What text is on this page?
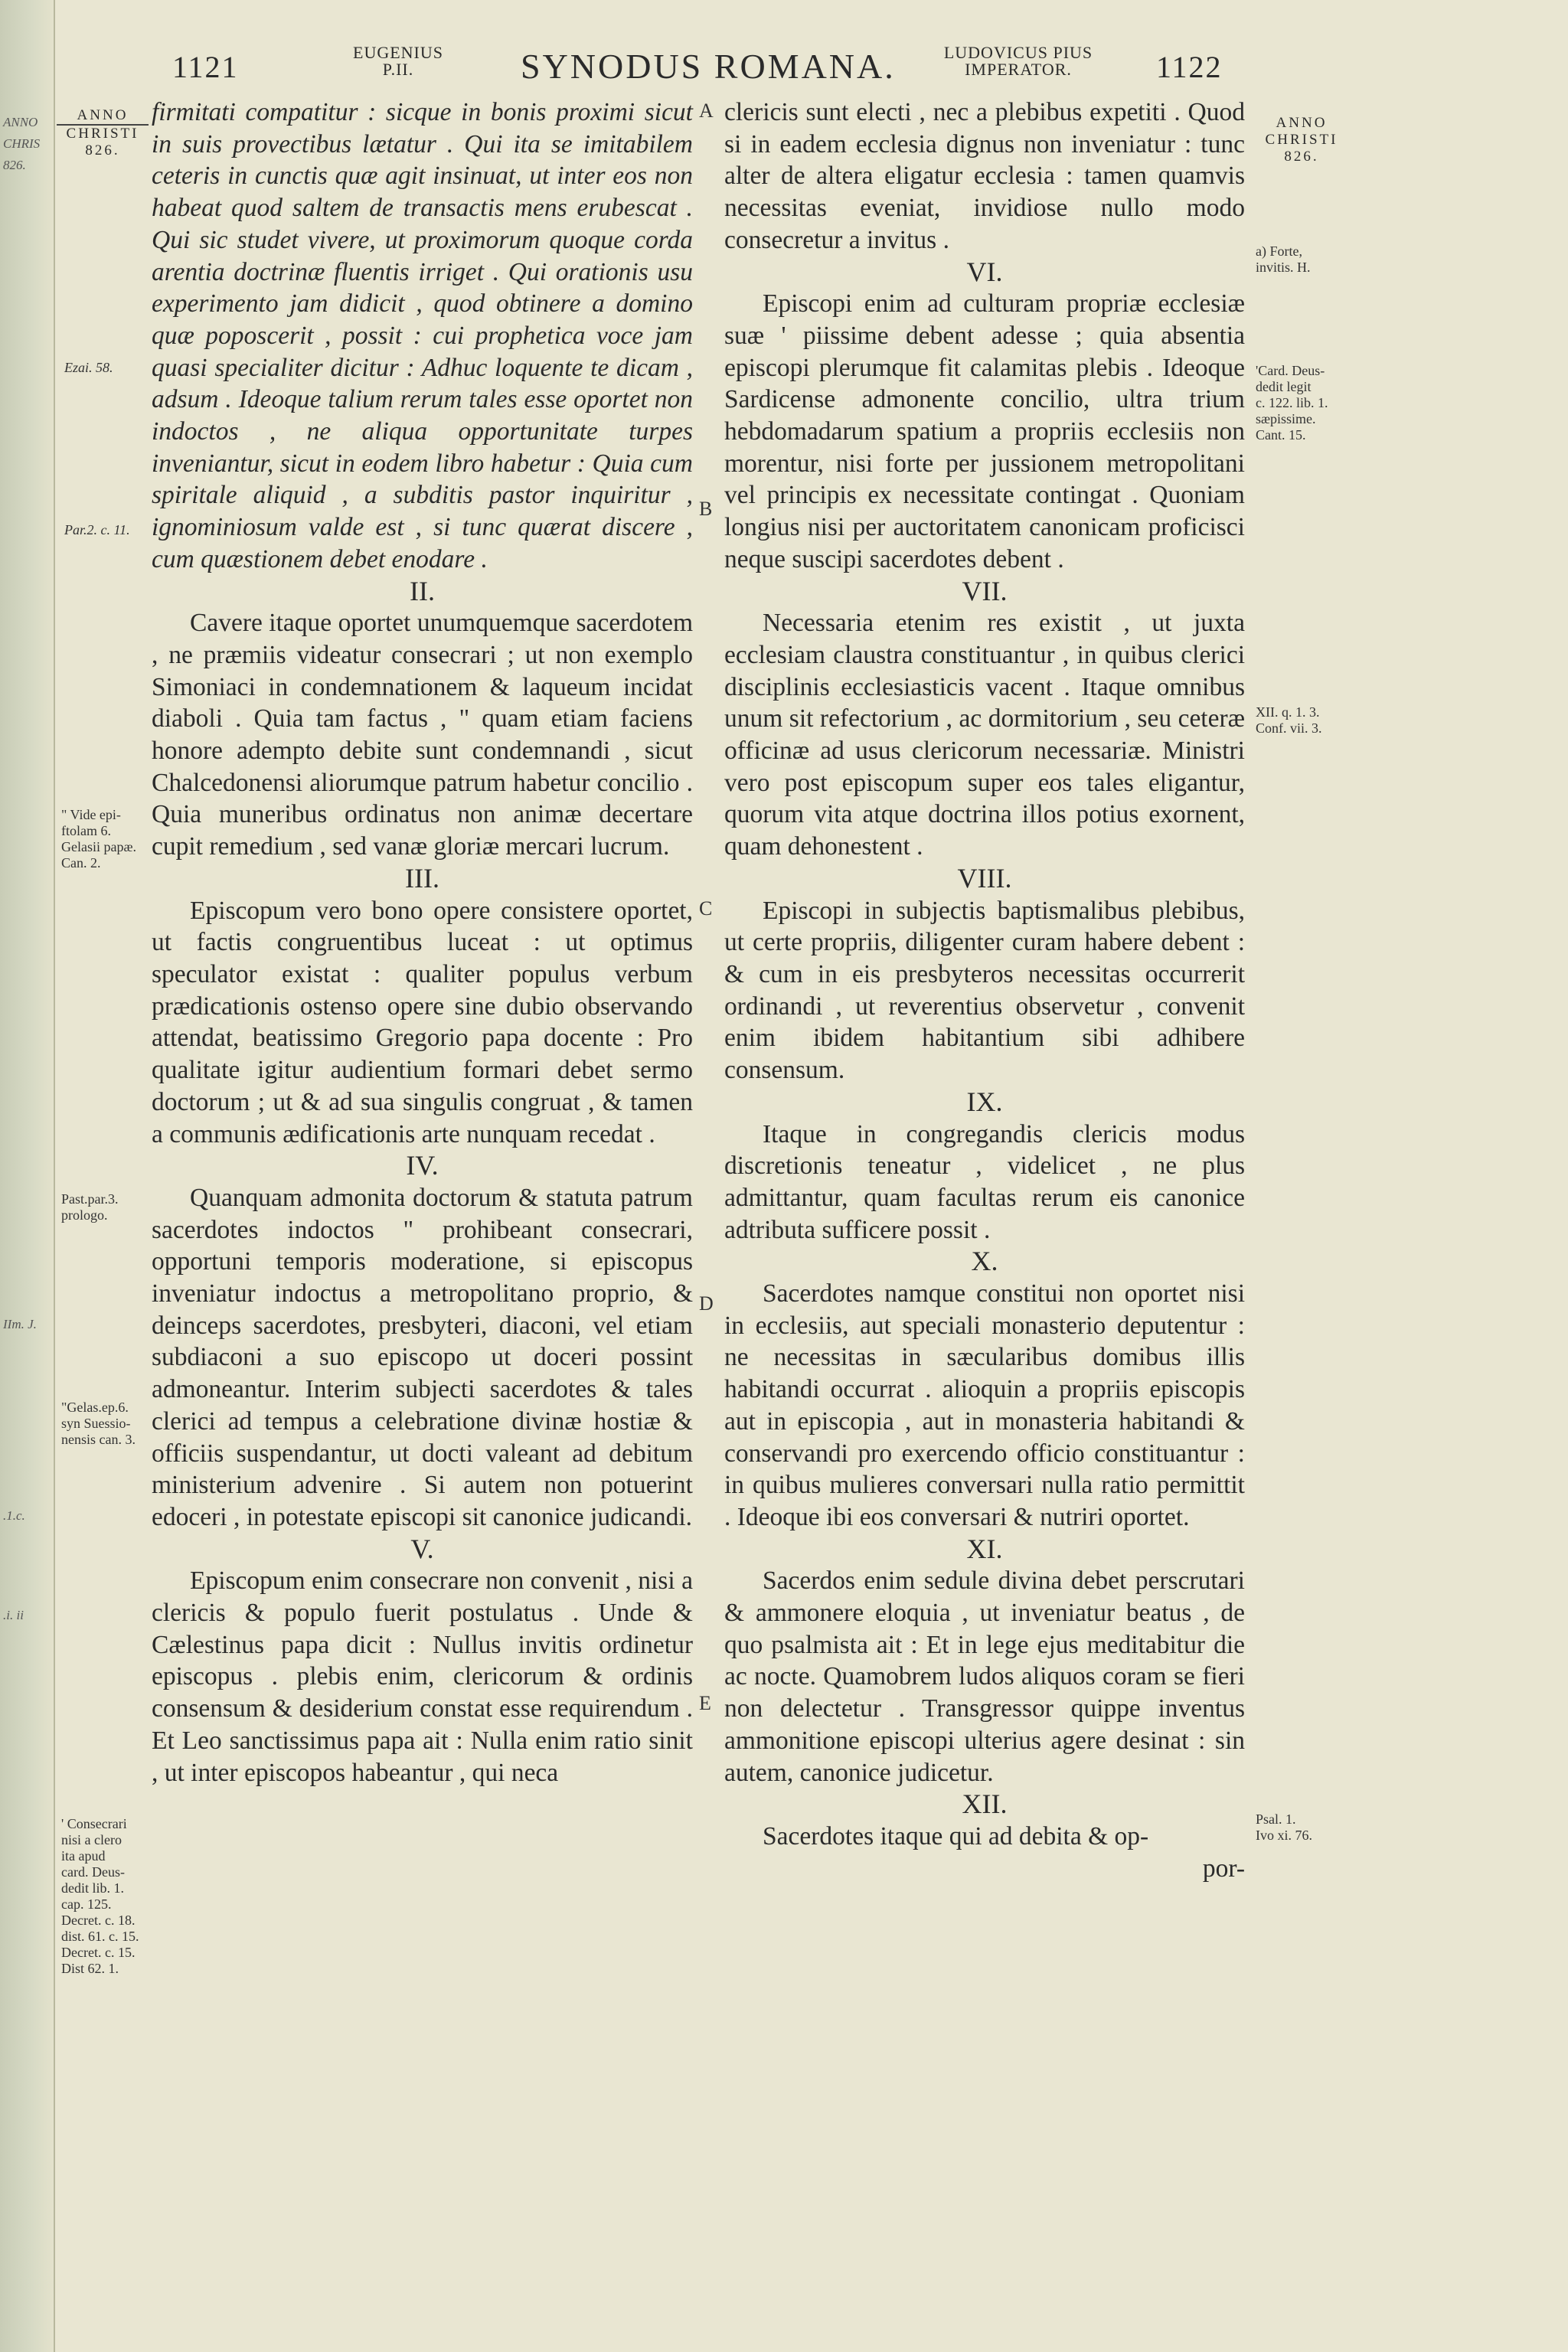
ANNO
CHRIS
826.
IIm. J.
.1.c.
.i. ii
1121	EUGENIUS
P.II.	SYNODUS ROMANA.	LUDOVICUS PIUS
IMPERATOR.	1122
ANNO
CHRISTI
826.
ANNO
CHRISTI
826.
Ezai. 58.
Par.2. c. 11.
" Vide epi-
ftolam 6.
Gelasii papæ.
Can. 2.
Past.par.3.
prologo.
"Gelas.ep.6.
syn Suessio-
nensis can. 3.
' Consecrari
nisi a clero
ita apud
card. Deus-
dedit lib. 1.
cap. 125.
Decret. c. 18.
dist. 61. c. 15.
Decret. c. 15.
Dist 62. 1.
A
B
C
D
E

firmitati compatitur : sicque in bonis proximi sicut in suis provectibus lætatur . Qui ita se imitabilem ceteris in cunctis quæ agit insinuat, ut inter eos non habeat quod saltem de transactis mens erubescat . Qui sic studet vivere, ut proximorum quoque corda arentia doctrinæ fluentis irriget . Qui orationis usu experimento jam didicit , quod obtinere a domino quæ poposcerit , possit : cui prophetica voce jam quasi specialiter dicitur : Adhuc loquente te dicam , adsum . Ideoque talium rerum tales esse oportet non indoctos , ne aliqua opportunitate turpes inveniantur, sicut in eodem libro habetur : Quia cum spiritale aliquid , a subditis pastor inquiritur , ignominiosum valde est , si tunc quærat discere , cum quæstionem debet enodare .

II.

Cavere itaque oportet unumquemque sacerdotem , ne præmiis videatur consecrari ; ut non exemplo Simoniaci in condemnationem & laqueum incidat diaboli . Quia tam factus , " quam etiam faciens honore ademptо debite sunt condemnandi , sicut Chalcedonensi aliorumque patrum habetur concilio . Quia muneribus ordinatus non animæ decertare cupit remedium , sed vanæ gloriæ mercari lucrum.

III.

Episcopum vero bono opere consistere oportet, ut factis congruentibus luceat : ut optimus speculator existat : qualiter populus verbum prædicationis ostenso opere sine dubio observando attendat, beatissimo Gregorio papa docente : Pro qualitate igitur audientium formari debet sermo doctorum ; ut & ad sua singulis congruat , & tamen a communis ædificationis arte nunquam recedat .

IV.

Quanquam admonita doctorum & statuta patrum sacerdotes indoctos " prohibeant consecrari, opportuni temporis moderatione, si episcopus inveniatur indoctus a metropolitano proprio, & deinceps sacerdotes, presbyteri, diaconi, vel etiam subdiaconi a suo episcopo ut doceri possint admoneantur. Interim subjecti sacerdotes & tales clerici ad tempus a celebratione divinæ hostiæ & officiis suspendantur, ut docti valeant ad debitum ministerium advenire . Si autem non potuerint edoceri , in potestate episcopi sit canonice judicandi.

V.

Episcopum enim consecrare non convenit , nisi a clericis & populo fuerit postulatus . Unde & Cælestinus papa dicit : Nullus invitis ordinetur episcopus . plebis enim, clericorum & ordinis consensum & desiderium constat esse requirendum . Et Leo sanctissimus papa ait : Nulla enim ratio sinit , ut inter episcopos habeantur , qui neca

clericis sunt electi , nec a plebibus expetiti . Quod si in eadem ecclesia dignus non inveniatur : tunc alter de altera eligatur ecclesia : tamen quamvis necessitas eveniat, invidiose nullo modo consecretur a invitus .

VI.

Episcopi enim ad culturam propriæ ecclesiæ suæ ' piissime debent adesse ; quia absentia episcopi plerumque fit calamitas plebis . Ideoque Sardicense admonente concilio, ultra trium hebdomadarum spatium a propriis ecclesiis non morentur, nisi forte per jussionem metropolitani vel principis ex necessitate contingat . Quoniam longius nisi per auctoritatem canonicam proficisci neque suscipi sacerdotes debent .

VII.

Necessaria etenim res existit , ut juxta ecclesiam claustra constituantur , in quibus clerici disciplinis ecclesiasticis vacent . Itaque omnibus unum sit refectorium , ac dormitorium , seu ceteræ officinæ ad usus clericorum necessariæ. Ministri vero post episcopum super eos tales eligantur, quorum vita atque doctrina illos potius exornent, quam dehonestent .

VIII.

Episcopi in subjectis baptismalibus plebibus, ut certe propriis, diligenter curam habere debent : & cum in eis presbyteros necessitas occurrerit ordinandi , ut reverentius observetur , convenit enim ibidem habitantium sibi adhibere consensum.

IX.

Itaque in congregandis clericis modus discretionis teneatur , videlicet , ne plus admittantur, quam facultas rerum eis canonice adtributa sufficere possit .

X.

Sacerdotes namque constitui non oportet nisi in ecclesiis, aut speciali monasterio deputentur : ne necessitas in sæcularibus domibus illis habitandi occurrat . alioquin a propriis episcopis aut in episcopia , aut in monasteria habitandi & conservandi pro exercendo officio constituantur : in quibus mulieres conversari nulla ratio permittit . Ideoque ibi eos conversari & nutriri oportet.

XI.

Sacerdos enim sedule divina debet perscrutari & ammonere eloquia , ut inveniatur beatus , de quo psalmista ait : Et in lege ejus meditabitur die ac nocte. Quamobrem ludos aliquos coram se fieri non delectetur . Transgressor quippe inventus ammonitione episcopi ulterius agere desinat : sin autem, canonice judicetur.

XII.

Sacerdotes itaque qui ad debita & op-

por-

a) Forte,
invitis. H.
'Card. Deus-
dedit legit
c. 122. lib. 1.
sæpissime.
Cant. 15.
XII. q. 1. 3.
Conf. vii. 3.
Psal. 1.
Ivo xi. 76.
